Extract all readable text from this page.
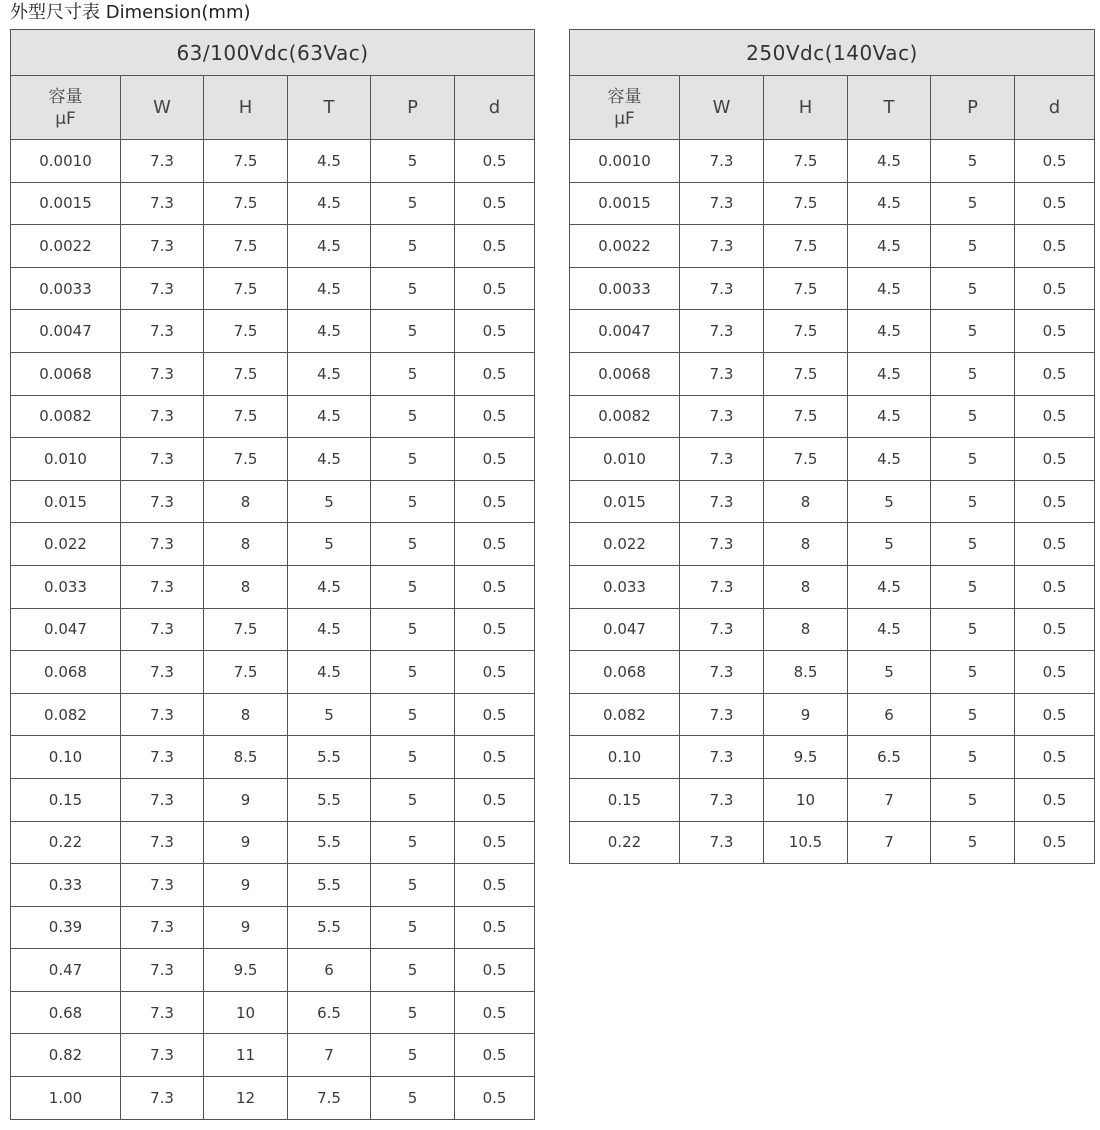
外型尺寸表 Dimension(mm)
63/100Vdc(63Vac)					

容量
μF	W	H	T	P	d
0.0010	7.3	7.5	4.5	5	0.5
0.0015	7.3	7.5	4.5	5	0.5
0.0022	7.3	7.5	4.5	5	0.5
0.0033	7.3	7.5	4.5	5	0.5
0.0047	7.3	7.5	4.5	5	0.5
0.0068	7.3	7.5	4.5	5	0.5
0.0082	7.3	7.5	4.5	5	0.5
0.010	7.3	7.5	4.5	5	0.5
0.015	7.3	8	5	5	0.5
0.022	7.3	8	5	5	0.5
0.033	7.3	8	4.5	5	0.5
0.047	7.3	7.5	4.5	5	0.5
0.068	7.3	7.5	4.5	5	0.5
0.082	7.3	8	5	5	0.5
0.10	7.3	8.5	5.5	5	0.5
0.15	7.3	9	5.5	5	0.5
0.22	7.3	9	5.5	5	0.5
0.33	7.3	9	5.5	5	0.5
0.39	7.3	9	5.5	5	0.5
0.47	7.3	9.5	6	5	0.5
0.68	7.3	10	6.5	5	0.5
0.82	7.3	11	7	5	0.5
1.00	7.3	12	7.5	5	0.5
250Vdc(140Vac)					

容量
μF	W	H	T	P	d
0.0010	7.3	7.5	4.5	5	0.5
0.0015	7.3	7.5	4.5	5	0.5
0.0022	7.3	7.5	4.5	5	0.5
0.0033	7.3	7.5	4.5	5	0.5
0.0047	7.3	7.5	4.5	5	0.5
0.0068	7.3	7.5	4.5	5	0.5
0.0082	7.3	7.5	4.5	5	0.5
0.010	7.3	7.5	4.5	5	0.5
0.015	7.3	8	5	5	0.5
0.022	7.3	8	5	5	0.5
0.033	7.3	8	4.5	5	0.5
0.047	7.3	8	4.5	5	0.5
0.068	7.3	8.5	5	5	0.5
0.082	7.3	9	6	5	0.5
0.10	7.3	9.5	6.5	5	0.5
0.15	7.3	10	7	5	0.5
0.22	7.3	10.5	7	5	0.5
